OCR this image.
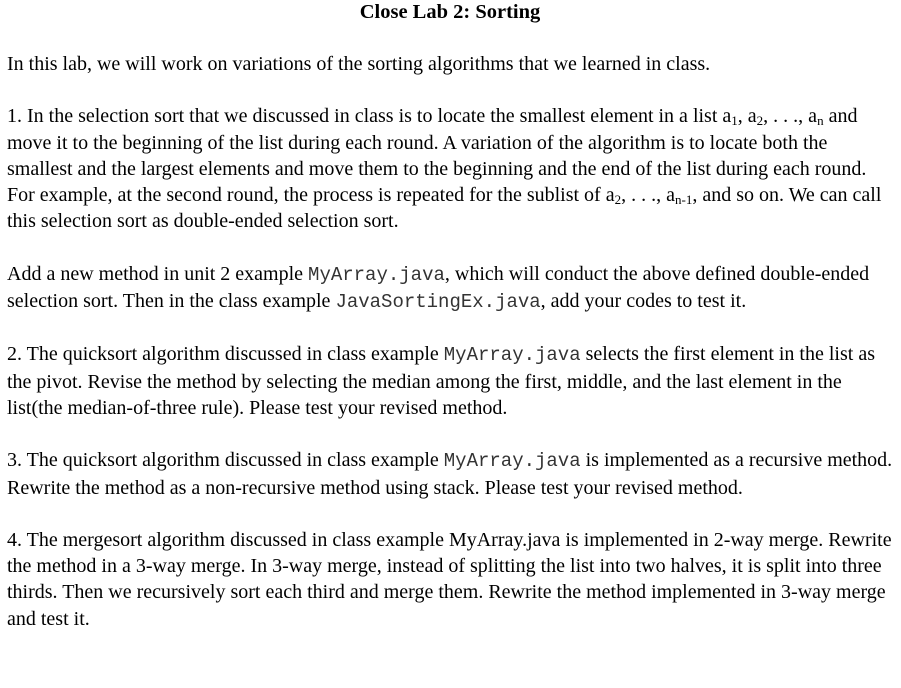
Close Lab 2: Sorting

In this lab, we will work on variations of the sorting algorithms that we learned in class.

1. In the selection sort that we discussed in class is to locate the smallest element in a list $a_1$, $a_2$, . . ., $a_n$ and move it to the beginning of the list during each round. A variation of the algorithm is to locate both the smallest and the largest elements and move them to the beginning and the end of the list during each round. For example, at the second round, the process is repeated for the sublist of $a_2$, . . ., $a_{n-1}$, and so on. We can call this selection sort as double-ended selection sort.

Add a new method in unit 2 example MyArray.java, which will conduct the above defined double-ended selection sort. Then in the class example JavaSortingEx.java, add your codes to test it.

2. The quicksort algorithm discussed in class example MyArray.java selects the first element in the list as the pivot. Revise the method by selecting the median among the first, middle, and the last element in the list(the median-of-three rule). Please test your revised method.

3. The quicksort algorithm discussed in class example MyArray.java is implemented as a recursive method. Rewrite the method as a non-recursive method using stack. Please test your revised method.

4. The mergesort algorithm discussed in class example MyArray.java is implemented in 2-way merge. Rewrite the method in a 3-way merge. In 3-way merge, instead of splitting the list into two halves, it is split into three thirds. Then we recursively sort each third and merge them. Rewrite the method implemented in 3-way merge and test it.
